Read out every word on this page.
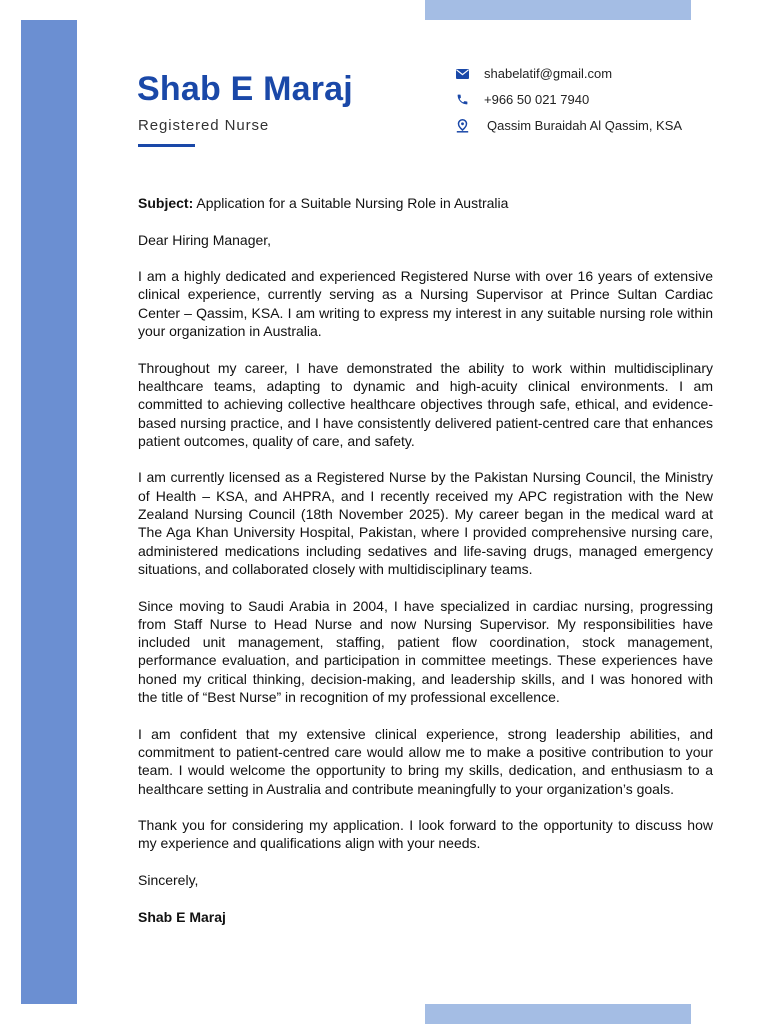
Shab E Maraj
Registered Nurse
shabelatif@gmail.com
+966 50 021 7940
Qassim Buraidah Al Qassim, KSA

Subject: Application for a Suitable Nursing Role in Australia

Dear Hiring Manager,

I am a highly dedicated and experienced Registered Nurse with over 16 years of extensive clinical experience, currently serving as a Nursing Supervisor at Prince Sultan Cardiac Center – Qassim, KSA. I am writing to express my interest in any suitable nursing role within your organization in Australia.

Throughout my career, I have demonstrated the ability to work within multidisciplinary healthcare teams, adapting to dynamic and high-acuity clinical environments. I am committed to achieving collective healthcare objectives through safe, ethical, and evidence-based nursing practice, and I have consistently delivered patient-centred care that enhances patient outcomes, quality of care, and safety.

I am currently licensed as a Registered Nurse by the Pakistan Nursing Council, the Ministry of Health – KSA, and AHPRA, and I recently received my APC registration with the New Zealand Nursing Council (18th November 2025). My career began in the medical ward at The Aga Khan University Hospital, Pakistan, where I provided comprehensive nursing care, administered medications including sedatives and life-saving drugs, managed emergency situations, and collaborated closely with multidisciplinary teams.

Since moving to Saudi Arabia in 2004, I have specialized in cardiac nursing, progressing from Staff Nurse to Head Nurse and now Nursing Supervisor. My responsibilities have included unit management, staffing, patient flow coordination, stock management, performance evaluation, and participation in committee meetings. These experiences have honed my critical thinking, decision-making, and leadership skills, and I was honored with the title of “Best Nurse” in recognition of my professional excellence.

I am confident that my extensive clinical experience, strong leadership abilities, and commitment to patient-centred care would allow me to make a positive contribution to your team. I would welcome the opportunity to bring my skills, dedication, and enthusiasm to a healthcare setting in Australia and contribute meaningfully to your organization’s goals.

Thank you for considering my application. I look forward to the opportunity to discuss how my experience and qualifications align with your needs.

Sincerely,

Shab E Maraj
